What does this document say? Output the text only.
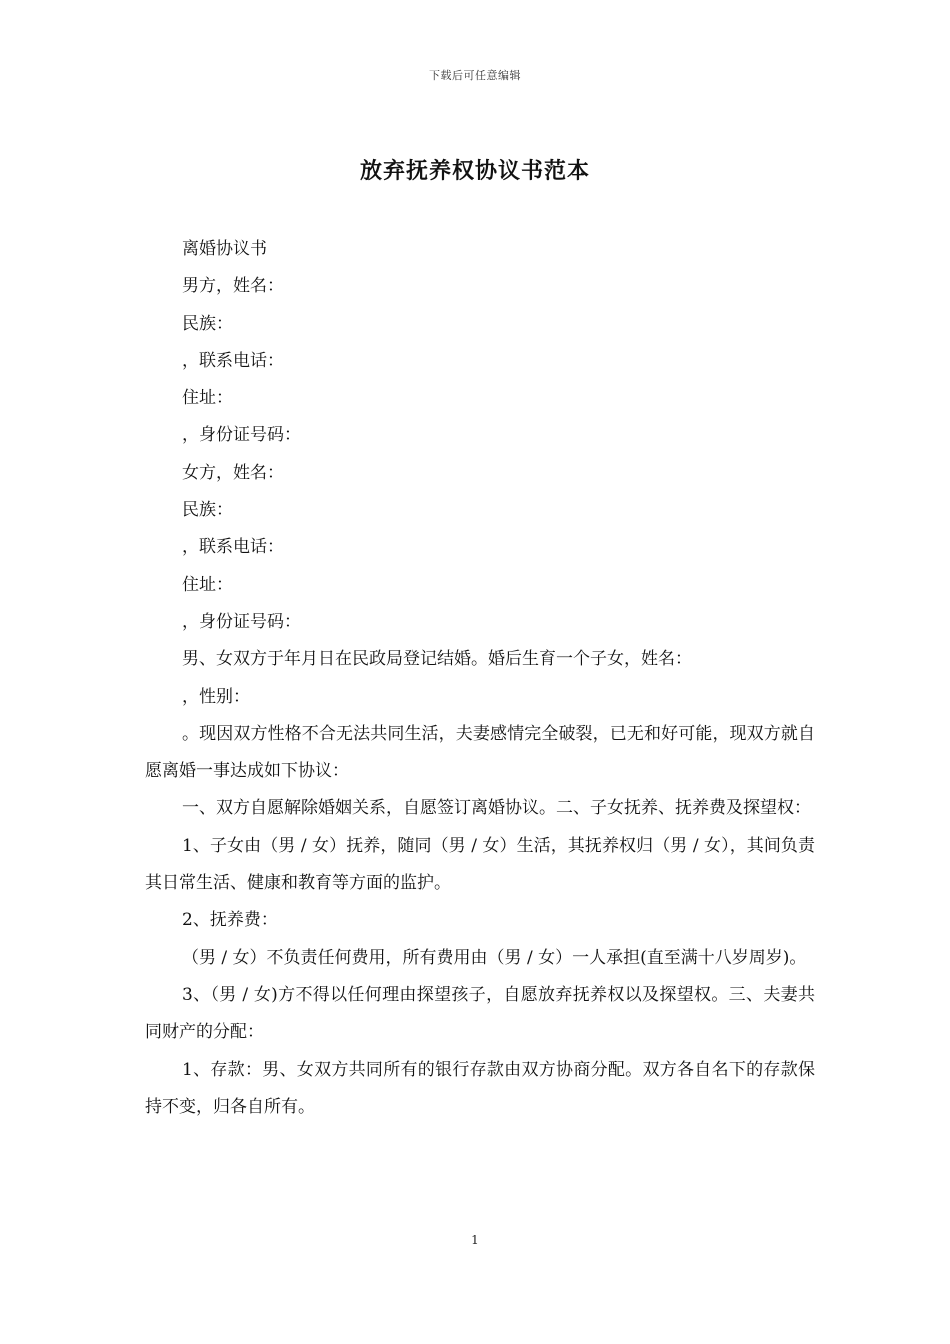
下载后可任意编辑
放弃抚养权协议书范本
离婚协议书
男方，姓名：
民族：
，联系电话：
住址：
，身份证号码：
女方，姓名：
民族：
，联系电话：
住址：
，身份证号码：
男、女双方于年月日在民政局登记结婚。婚后生育一个子女，姓名：
，性别：
。现因双方性格不合无法共同生活，夫妻感情完全破裂，已无和好可能，现双方就自愿离婚一事达成如下协议：
一、双方自愿解除婚姻关系，自愿签订离婚协议。二、子女抚养、抚养费及探望权：
1、子女由（男 / 女）抚养，随同（男 / 女）生活，其抚养权归（男 / 女），其间负责其日常生活、健康和教育等方面的监护。
2、抚养费：
（男 / 女）不负责任何费用，所有费用由（男 / 女）一人承担(直至满十八岁周岁)。
3、（男 / 女)方不得以任何理由探望孩子，自愿放弃抚养权以及探望权。三、夫妻共同财产的分配：
1、存款：男、女双方共同所有的银行存款由双方协商分配。双方各自名下的存款保持不变，归各自所有。
1
